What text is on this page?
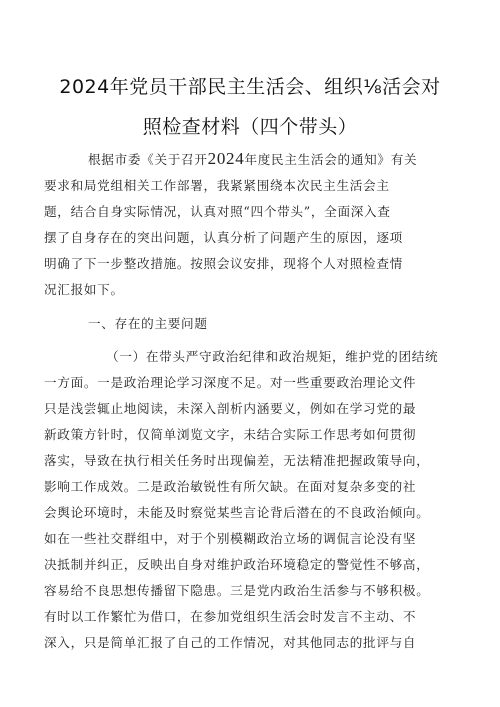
2024年党员干部民主生活会、组织⅛活会对
照检查材料（四个带头）
根据市委《关于召开2024年度民主生活会的通知》有关
要求和局党组相关工作部署，我紧紧围绕本次民主生活会主
题，结合自身实际情况，认真对照“四个带头”，全面深入查
摆了自身存在的突出问题，认真分析了问题产生的原因，逐项
明确了下一步整改措施。按照会议安排，现将个人对照检查情
况汇报如下。
一、存在的主要问题
（一）在带头严守政治纪律和政治规矩，维护党的团结统
一方面。一是政治理论学习深度不足。对一些重要政治理论文件
只是浅尝辄止地阅读，未深入剖析内涵要义，例如在学习党的最
新政策方针时，仅简单浏览文字，未结合实际工作思考如何贯彻
落实，导致在执行相关任务时出现偏差，无法精准把握政策导向，
影响工作成效。二是政治敏锐性有所欠缺。在面对复杂多变的社
会舆论环境时，未能及时察觉某些言论背后潜在的不良政治倾向。
如在一些社交群组中，对于个别模糊政治立场的调侃言论没有坚
决抵制并纠正，反映出自身对维护政治环境稳定的警觉性不够高，
容易给不良思想传播留下隐患。三是党内政治生活参与不够积极。
有时以工作繁忙为借口，在参加党组织生活会时发言不主动、不
深入，只是简单汇报了自己的工作情况，对其他同志的批评与自
